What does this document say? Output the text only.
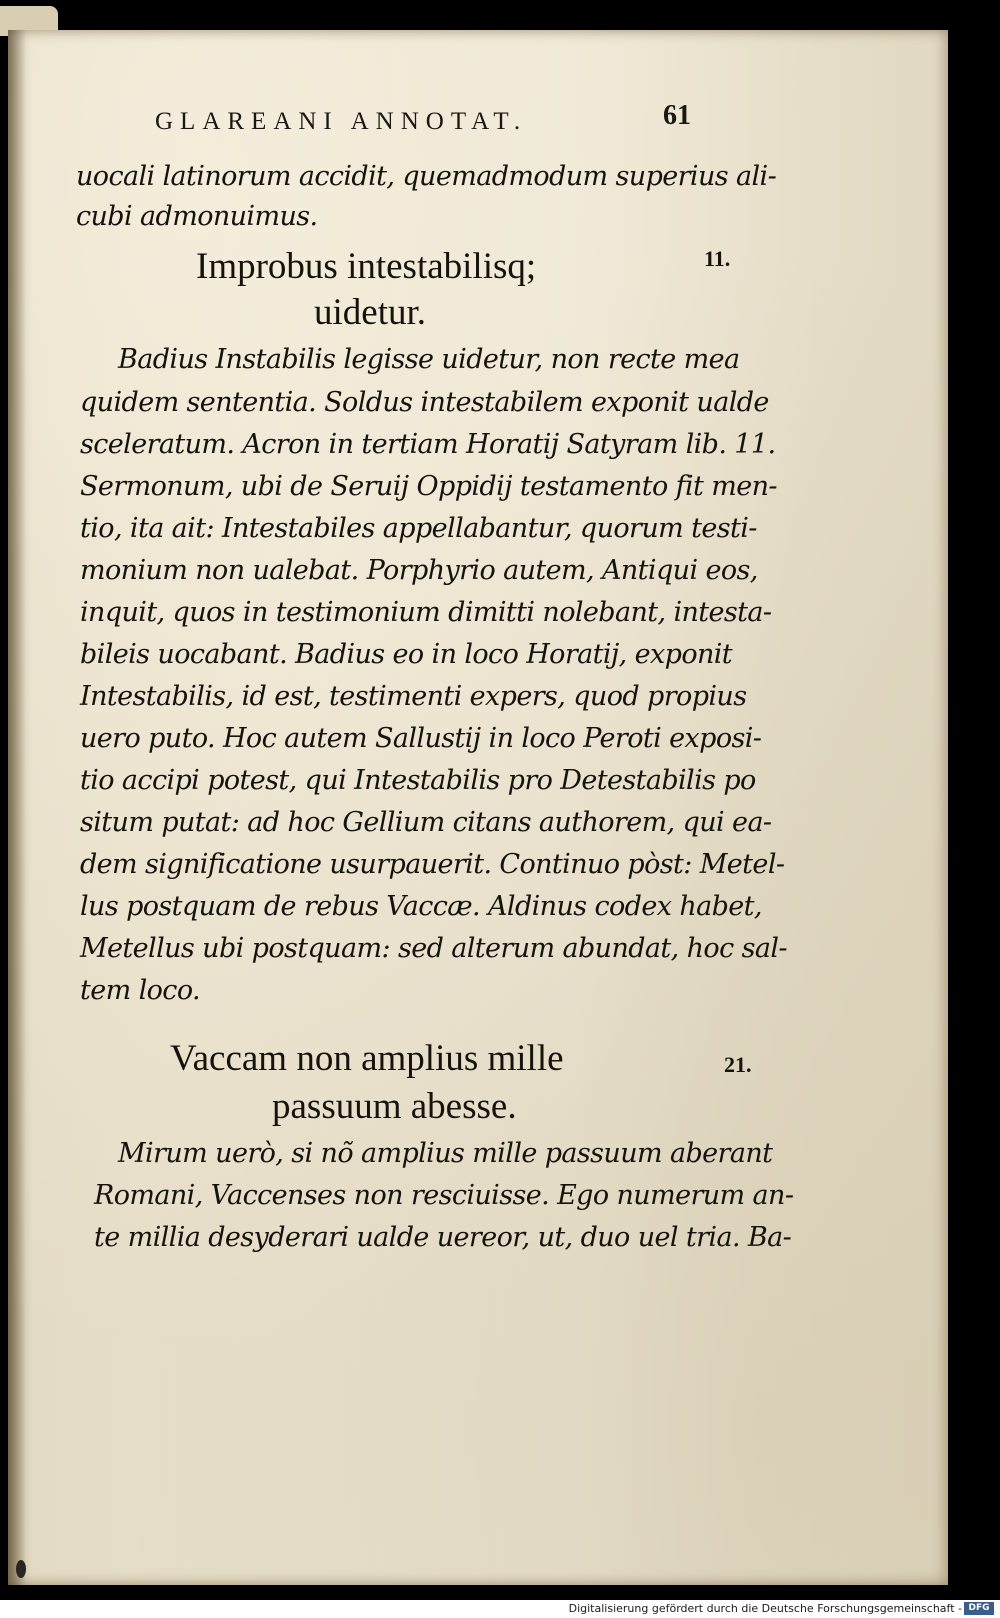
GLAREANI ANNOTAT.	61
uocali latinorum accidit, quemadmodum superius ali-
cubi admonuimus.
Improbus intestabilisq;
uidetur.
11.
Badius Instabilis legisse uidetur, non recte mea
quidem sententia. Soldus intestabilem exponit ualde
sceleratum. Acron in tertiam Horatij Satyram lib. 11.
Sermonum, ubi de Seruij Oppidij testamento fit men-
tio, ita ait: Intestabiles appellabantur, quorum testi-
monium non ualebat. Porphyrio autem, Antiqui eos,
inquit, quos in testimonium dimitti nolebant, intesta-
bileis uocabant. Badius eo in loco Horatij, exponit
Intestabilis, id est, testimenti expers, quod propius
uero puto. Hoc autem Sallustij in loco Peroti exposi-
tio accipi potest, qui Intestabilis pro Detestabilis po
situm putat: ad hoc Gellium citans authorem, qui ea-
dem significatione usurpauerit. Continuo pòst: Metel-
lus postquam de rebus Vaccæ. Aldinus codex habet,
Metellus ubi postquam: sed alterum abundat, hoc sal-
tem loco.
Vaccam non amplius mille
passuum abesse.
21.
Mirum uerò, si nõ amplius mille passuum aberant
Romani, Vaccenses non resciuisse. Ego numerum an-
te millia desyderari ualde uereor, ut, duo uel tria. Ba-
Digitalisierung gefördert durch die Deutsche Forschungsgemeinschaft - DFG
